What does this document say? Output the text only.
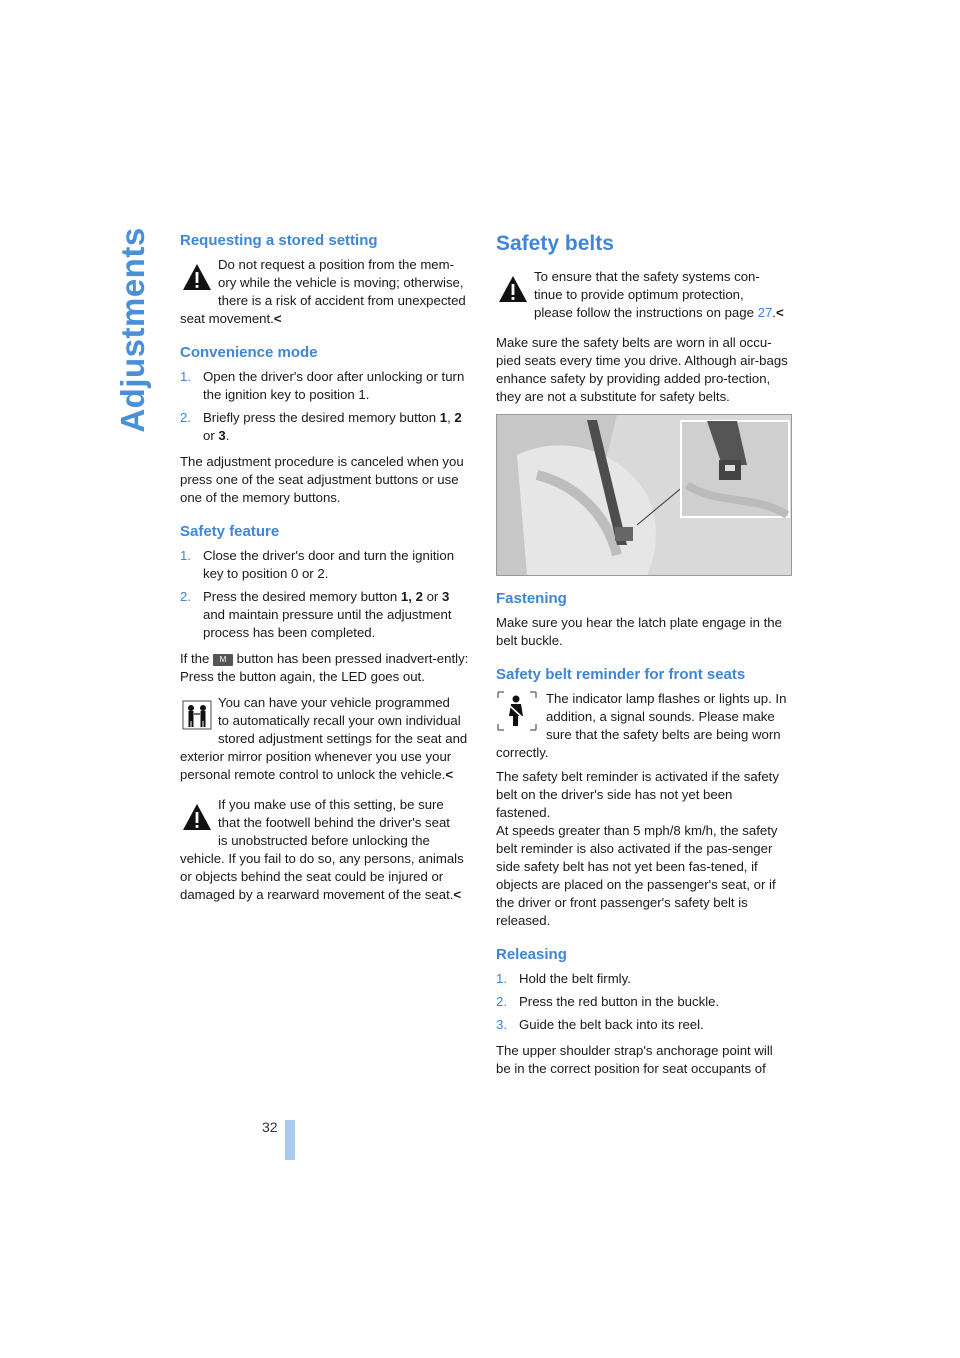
Adjustments Requesting a stored setting
Do not request a position from the mem-
ory while the vehicle is moving; otherwise,
there is a risk of accident from unexpected seat movement.<
Convenience mode
1. Open the driver's door after unlocking or turn the ignition key to position 1.
2. Briefly press the desired memory button 1, 2 or 3.

The adjustment procedure is canceled when you press one of the seat adjustment buttons or use one of the memory buttons.

Safety feature
1. Close the driver's door and turn the ignition key to position 0 or 2.
2. Press the desired memory button 1, 2 or 3 and maintain pressure until the adjustment process has been completed.

If the M button has been pressed inadvert-ently:

Press the button again, the LED goes out.

You can have your vehicle programmed
to automatically recall your own individual
stored adjustment settings for the seat and exterior mirror position whenever you use your personal remote control to unlock the vehicle.<
If you make use of this setting, be sure
that the footwell behind the driver's seat
is unobstructed before unlocking the vehicle. If you fail to do so, any persons, animals or objects behind the seat could be injured or damaged by a rearward movement of the seat.<
Safety belts
To ensure that the safety systems con-
tinue to provide optimum protection,
please follow the instructions on page 27.<

Make sure the safety belts are worn in all occu-pied seats every time you drive. Although air-bags enhance safety by providing added pro-tection, they are not a substitute for safety belts.

Fastening

Make sure you hear the latch plate engage in the belt buckle.

Safety belt reminder for front seats
The indicator lamp flashes or lights up. In addition, a signal sounds. Please make sure that the safety belts are being worn correctly.

The safety belt reminder is activated if the safety belt on the driver's side has not yet been fastened.

At speeds greater than 5 mph/8 km/h, the safety belt reminder is also activated if the pas-senger side safety belt has not yet been fas-tened, if objects are placed on the passenger's seat, or if the driver or front passenger's safety belt is released.

Releasing
1. Hold the belt firmly.
2. Press the red button in the buckle.
3. Guide the belt back into its reel.

The upper shoulder strap's anchorage point will be in the correct position for seat occupants of

32
